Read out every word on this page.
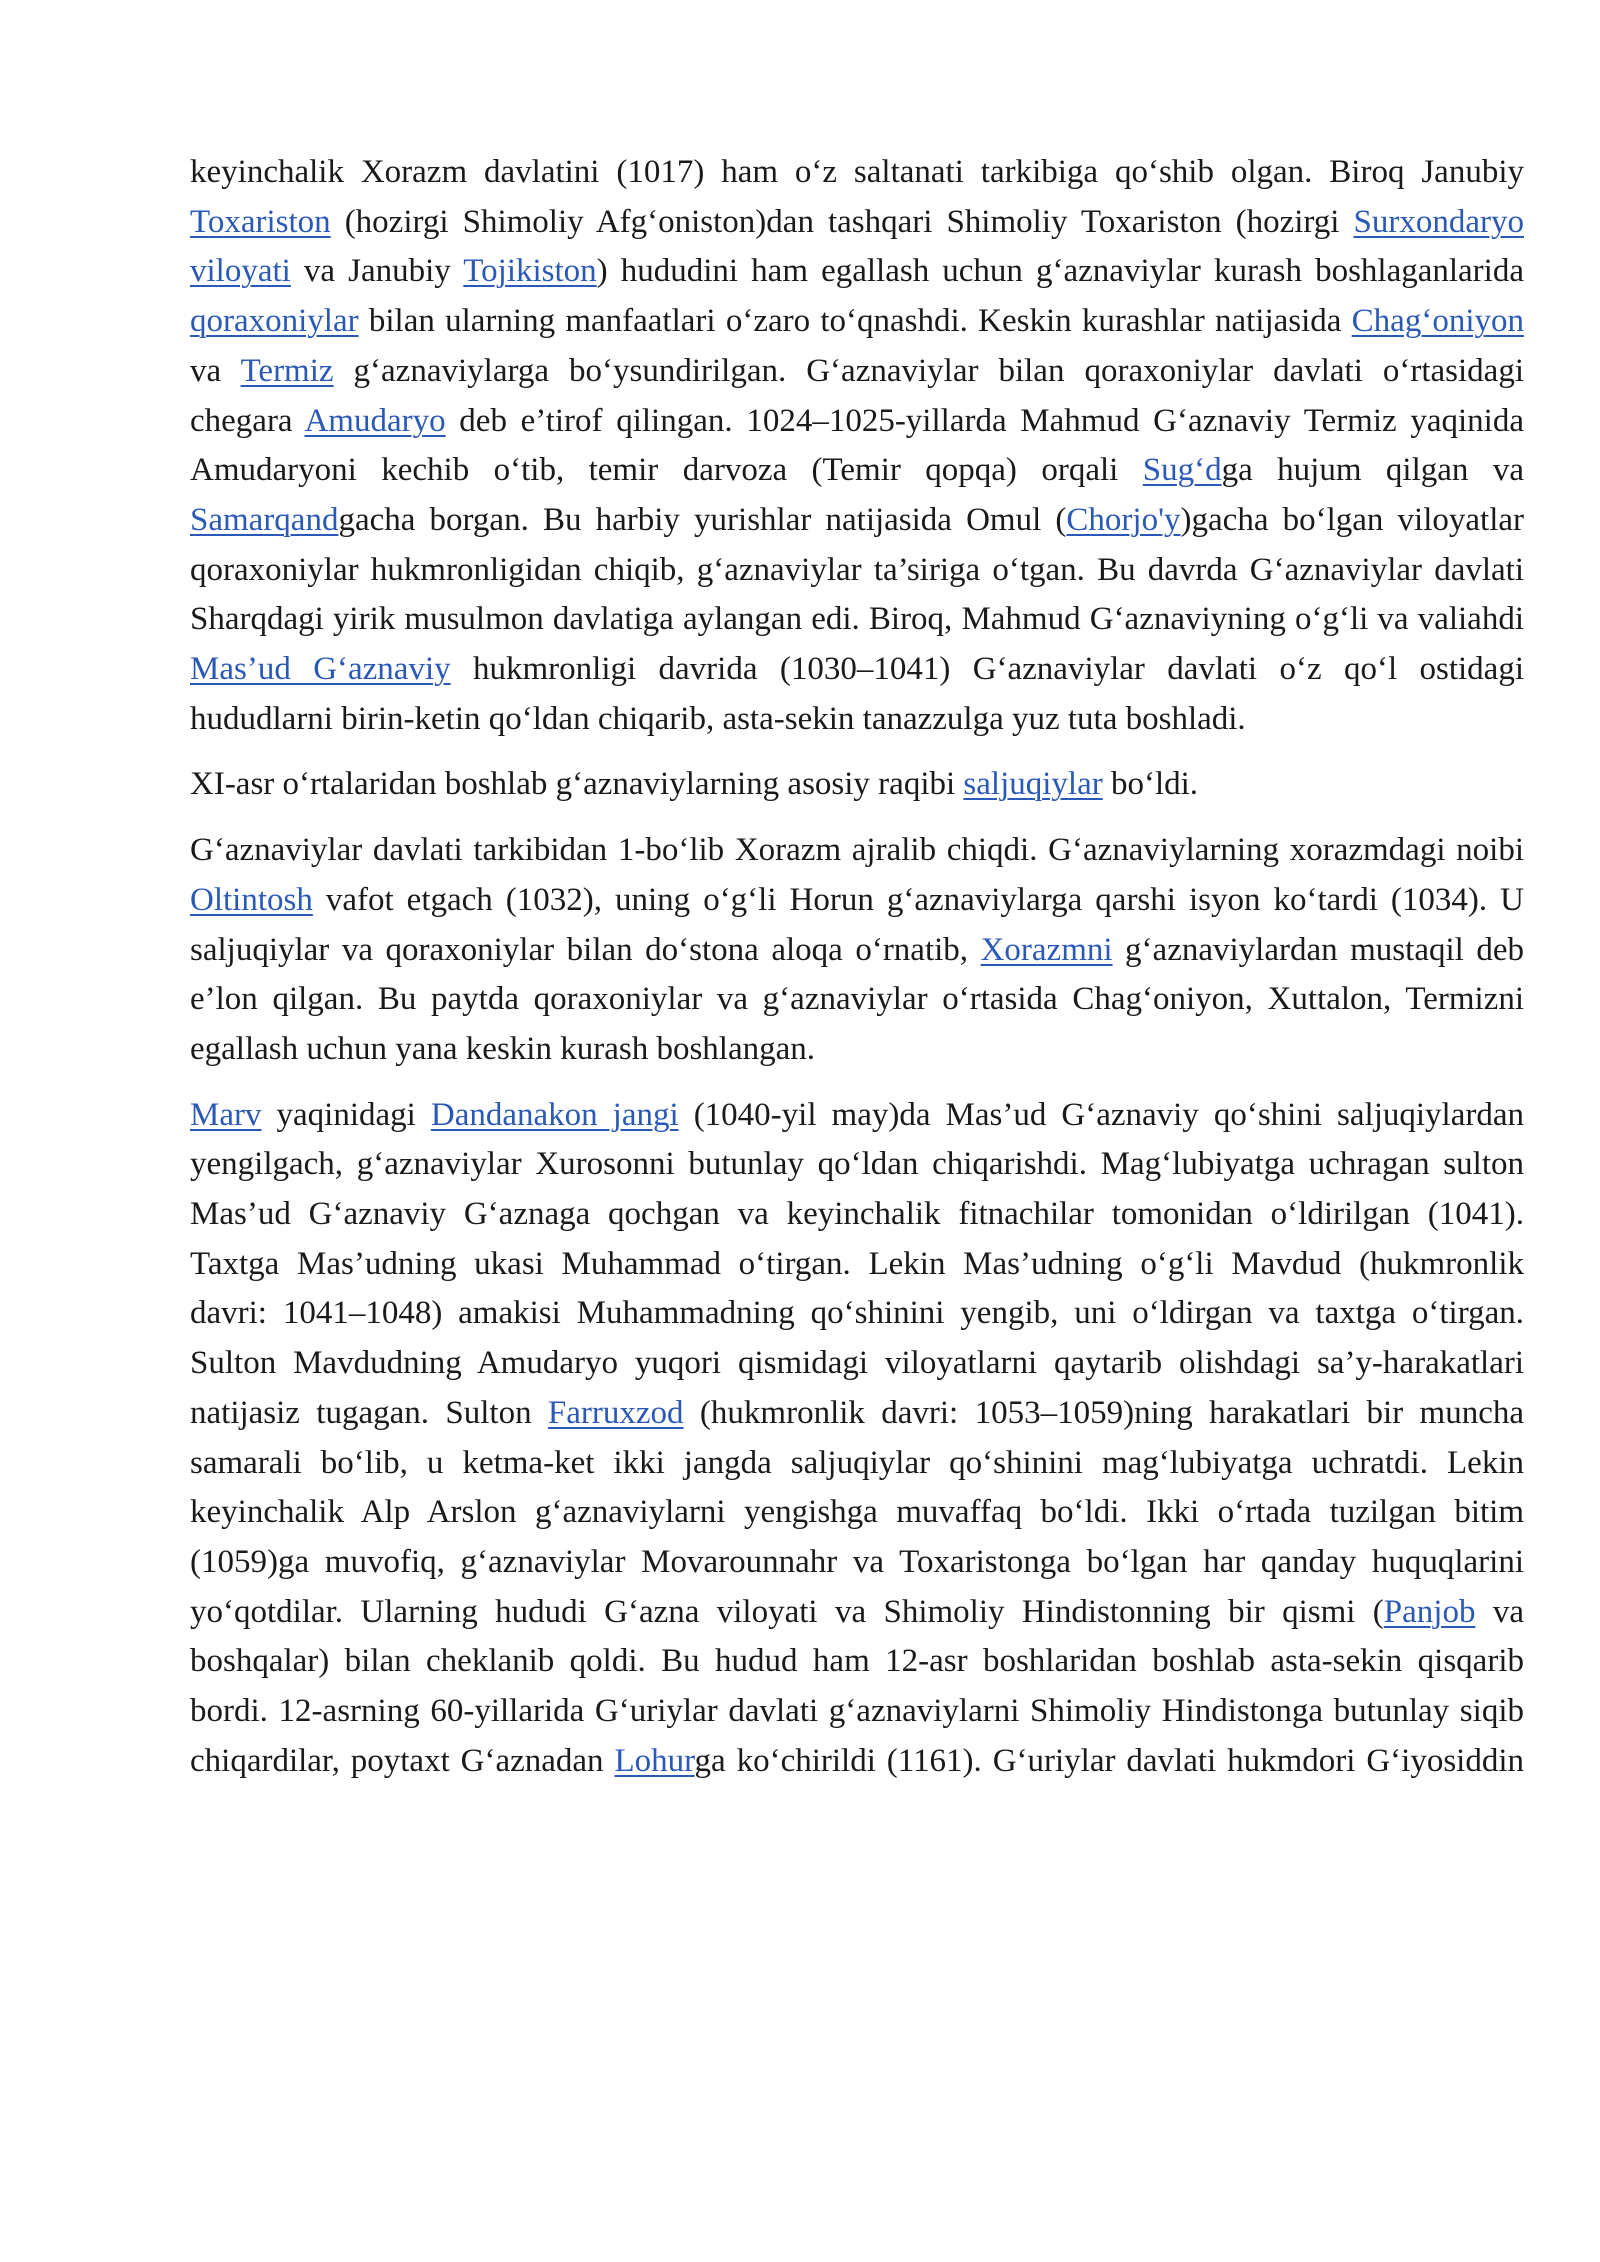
keyinchalik Xorazm davlatini (1017) ham o‘z saltanati tarkibiga qo‘shib olgan. Biroq Janubiy Toxariston (hozirgi Shimoliy Afg‘oniston)dan tashqari Shimoliy Toxariston (hozirgi Surxondaryo viloyati va Janubiy Tojikiston) hududini ham egallash uchun g‘aznaviylar kurash boshlaganlarida qoraxoniylar bilan ularning manfaatlari o‘zaro to‘qnashdi. Keskin kurashlar natijasida Chag‘oniyon va Termiz g‘aznaviylarga bo‘ysundirilgan. G‘aznaviylar bilan qoraxoniylar davlati o‘rtasidagi chegara Amudaryo deb e’tirof qilingan. 1024–1025-yillarda Mahmud G‘aznaviy Termiz yaqinida Amudaryoni kechib o‘tib, temir darvoza (Temir qopqa) orqali Sug‘dga hujum qilgan va Samarqandgacha borgan. Bu harbiy yurishlar natijasida Omul (Chorjo'y)gacha bo‘lgan viloyatlar qoraxoniylar hukmronligidan chiqib, g‘aznaviylar ta’siriga o‘tgan. Bu davrda G‘aznaviylar davlati Sharqdagi yirik musulmon davlatiga aylangan edi. Biroq, Mahmud G‘aznaviyning o‘g‘li va valiahdi Mas’ud G‘aznaviy hukmronligi davrida (1030–1041) G‘aznaviylar davlati o‘z qo‘l ostidagi hududlarni birin-ketin qo‘ldan chiqarib, asta-sekin tanazzulga yuz tuta boshladi.

XI-asr o‘rtalaridan boshlab g‘aznaviylarning asosiy raqibi saljuqiylar bo‘ldi.

G‘aznaviylar davlati tarkibidan 1-bo‘lib Xorazm ajralib chiqdi. G‘aznaviylarning xorazmdagi noibi Oltintosh vafot etgach (1032), uning o‘g‘li Horun g‘aznaviylarga qarshi isyon ko‘tardi (1034). U saljuqiylar va qoraxoniylar bilan do‘stona aloqa o‘rnatib, Xorazmni g‘aznaviylardan mustaqil deb e’lon qilgan. Bu paytda qoraxoniylar va g‘aznaviylar o‘rtasida Chag‘oniyon, Xuttalon, Termizni egallash uchun yana keskin kurash boshlangan.

Marv yaqinidagi Dandanakon jangi (1040-yil may)da Mas’ud G‘aznaviy qo‘shini saljuqiylardan yengilgach, g‘aznaviylar Xurosonni butunlay qo‘ldan chiqarishdi. Mag‘lubiyatga uchragan sulton Mas’ud G‘aznaviy G‘aznaga qochgan va keyinchalik fitnachilar tomonidan o‘ldirilgan (1041). Taxtga Mas’udning ukasi Muhammad o‘tirgan. Lekin Mas’udning o‘g‘li Mavdud (hukmronlik davri: 1041–1048) amakisi Muhammadning qo‘shinini yengib, uni o‘ldirgan va taxtga o‘tirgan. Sulton Mavdudning Amudaryo yuqori qismidagi viloyatlarni qaytarib olishdagi sa’y-harakatlari natijasiz tugagan. Sulton Farruxzod (hukmronlik davri: 1053–1059)ning harakatlari bir muncha samarali bo‘lib, u ketma-ket ikki jangda saljuqiylar qo‘shinini mag‘lubiyatga uchratdi. Lekin keyinchalik Alp Arslon g‘aznaviylarni yengishga muvaffaq bo‘ldi. Ikki o‘rtada tuzilgan bitim (1059)ga muvofiq, g‘aznaviylar Movarounnahr va Toxaristonga bo‘lgan har qanday huquqlarini yo‘qotdilar. Ularning hududi G‘azna viloyati va Shimoliy Hindistonning bir qismi (Panjob va boshqalar) bilan cheklanib qoldi. Bu hudud ham 12-asr boshlaridan boshlab asta-sekin qisqarib bordi. 12-asrning 60-yillarida G‘uriylar davlati g‘aznaviylarni Shimoliy Hindistonga butunlay siqib chiqardilar, poytaxt G‘aznadan Lohurga ko‘chirildi (1161). G‘uriylar davlati hukmdori G‘iyosiddin
